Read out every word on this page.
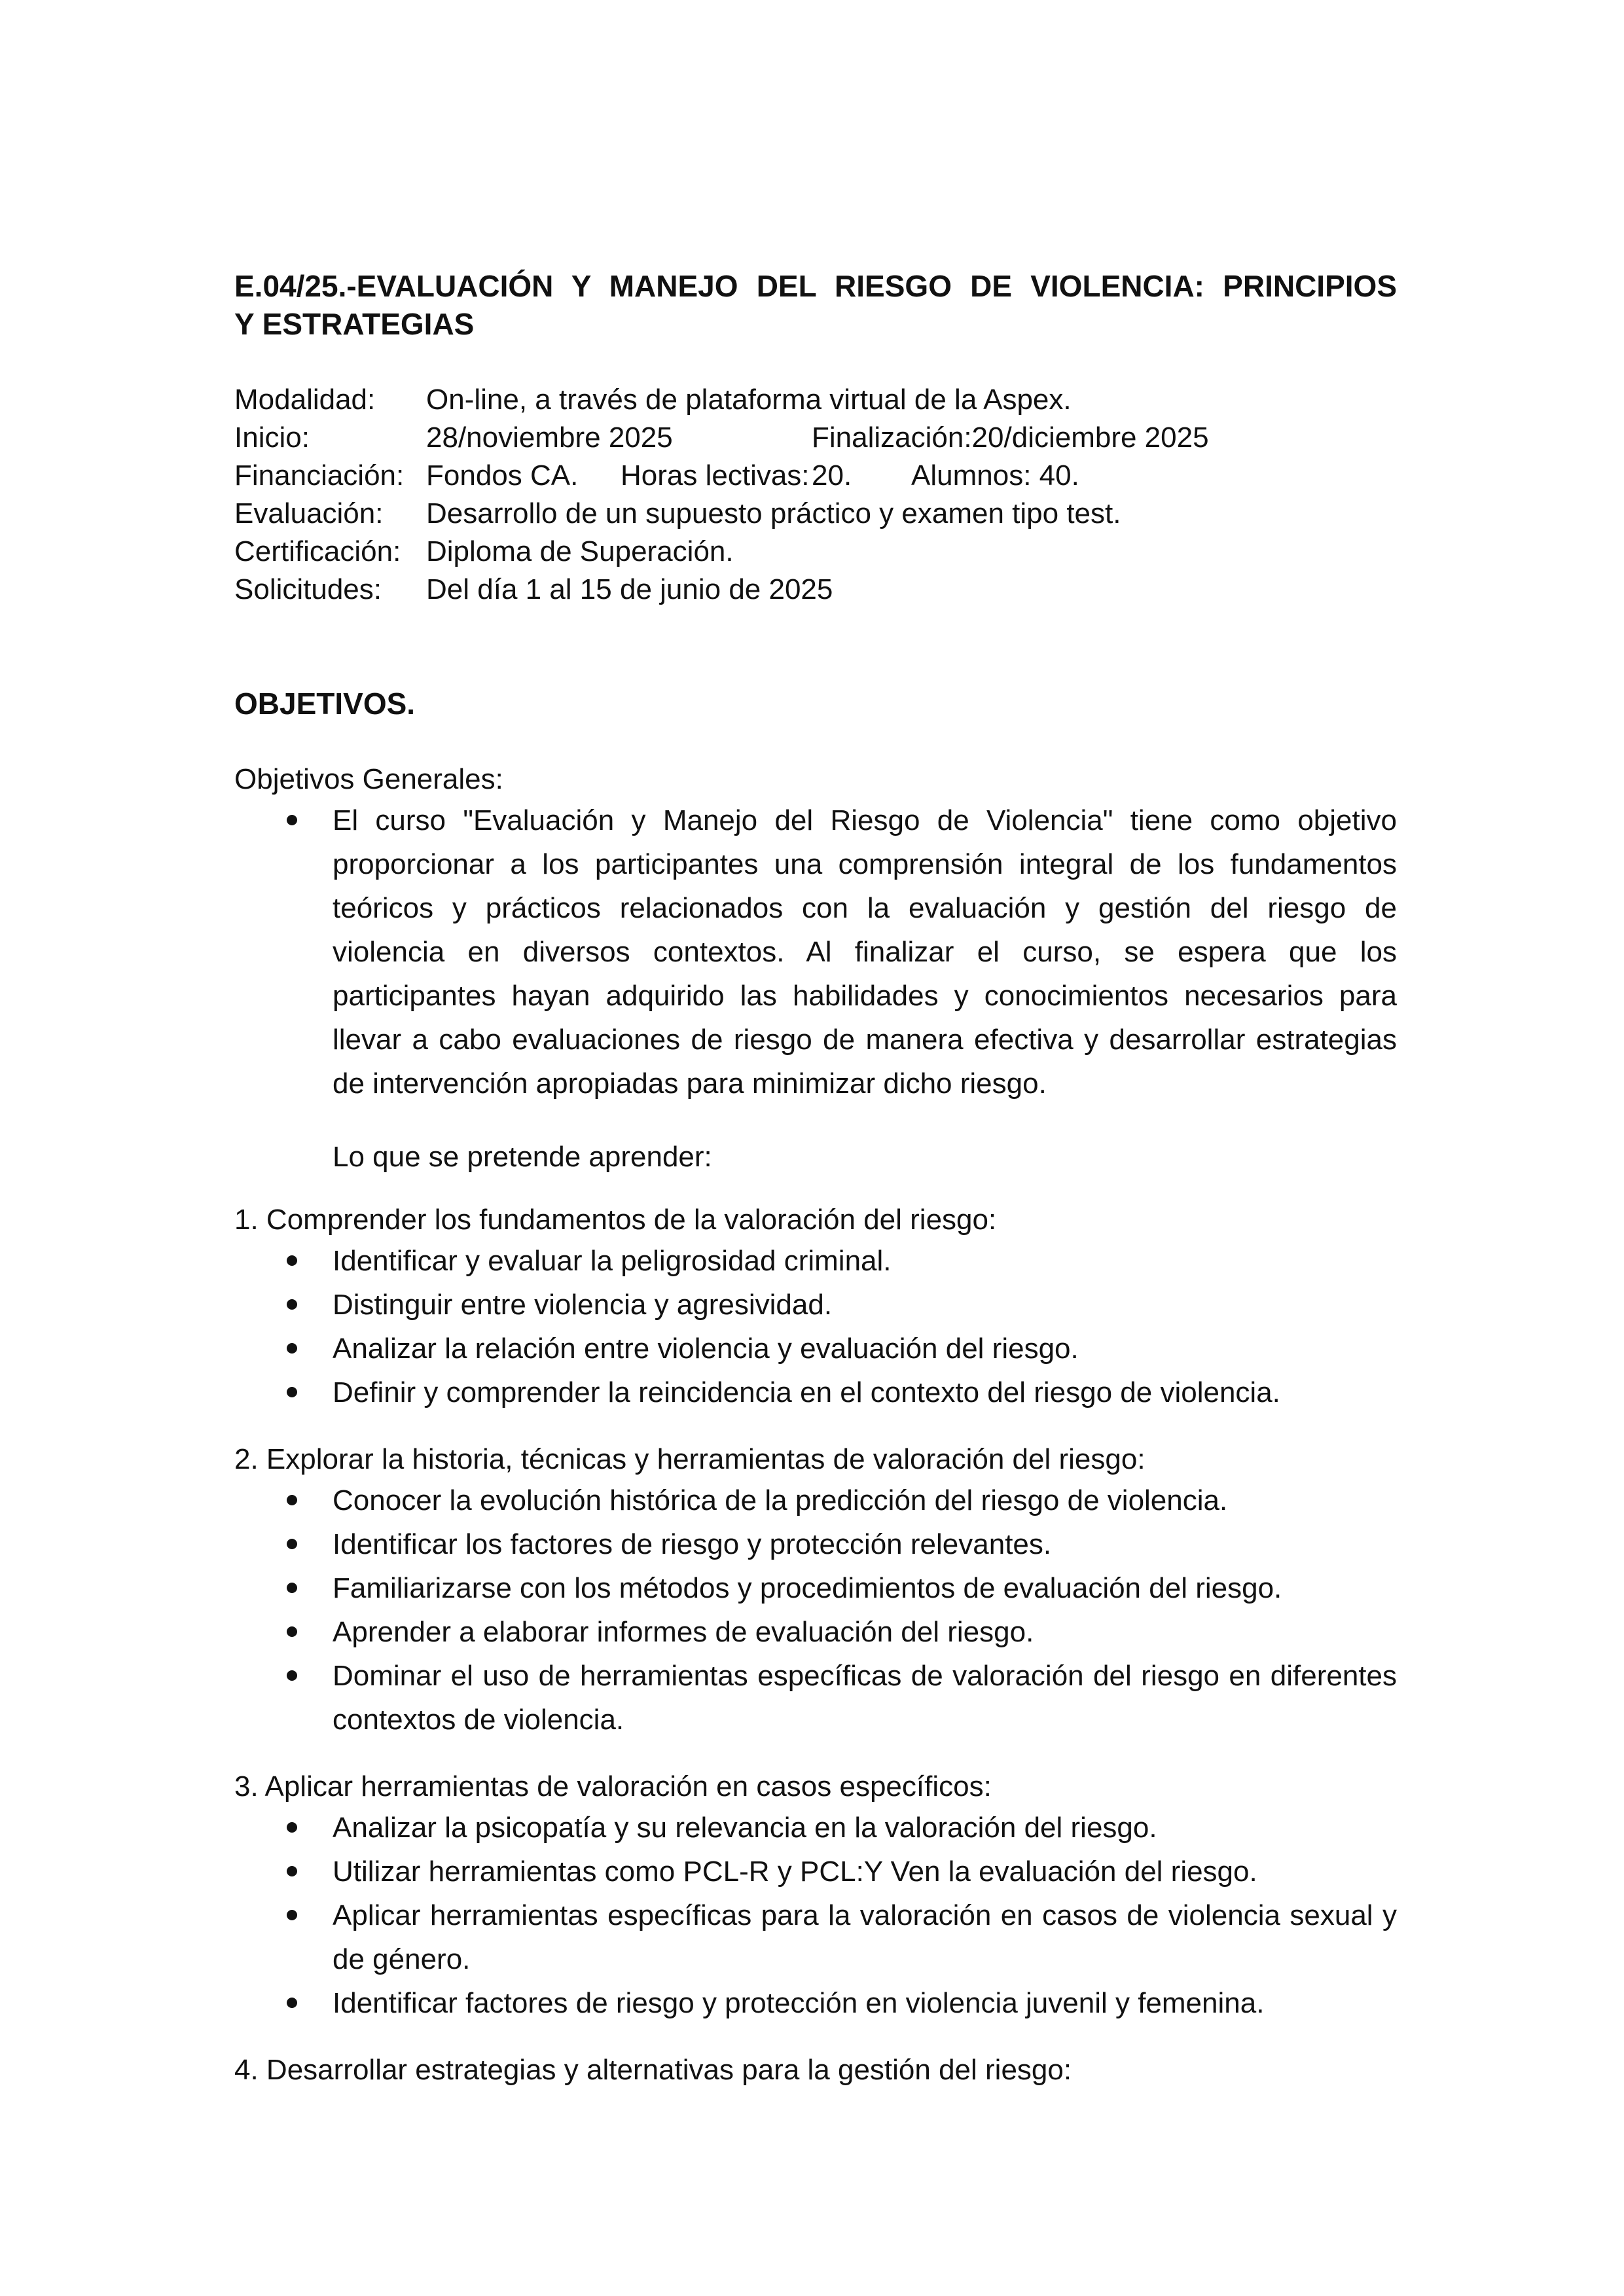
E.04/25.-EVALUACIÓN Y MANEJO DEL RIESGO DE VIOLENCIA: PRINCIPIOS
Y ESTRATEGIAS
Modalidad: On-line, a través de plataforma virtual de la Aspex.
Inicio:	28/noviembre 2025	Finalización:20/diciembre 2025
Financiación: Fondos CA. Horas lectivas: 20. Alumnos: 40.
Evaluación: Desarrollo de un supuesto práctico y examen tipo test.
Certificación: Diploma de Superación.
Solicitudes: Del día 1 al 15 de junio de 2025
OBJETIVOS.
Objetivos Generales:
El curso "Evaluación y Manejo del Riesgo de Violencia" tiene como objetivo proporcionar a los participantes una comprensión integral de los fundamentos teóricos y prácticos relacionados con la evaluación y gestión del riesgo de violencia en diversos contextos. Al finalizar el curso, se espera que los participantes hayan adquirido las habilidades y conocimientos necesarios para llevar a cabo evaluaciones de riesgo de manera efectiva y desarrollar estrategias de intervención apropiadas para minimizar dicho riesgo.
Lo que se pretende aprender:
1. Comprender los fundamentos de la valoración del riesgo:
Identificar y evaluar la peligrosidad criminal.
Distinguir entre violencia y agresividad.
Analizar la relación entre violencia y evaluación del riesgo.
Definir y comprender la reincidencia en el contexto del riesgo de violencia.
2. Explorar la historia, técnicas y herramientas de valoración del riesgo:
Conocer la evolución histórica de la predicción del riesgo de violencia.
Identificar los factores de riesgo y protección relevantes.
Familiarizarse con los métodos y procedimientos de evaluación del riesgo.
Aprender a elaborar informes de evaluación del riesgo.
Dominar el uso de herramientas específicas de valoración del riesgo en diferentes contextos de violencia.
3. Aplicar herramientas de valoración en casos específicos:
Analizar la psicopatía y su relevancia en la valoración del riesgo.
Utilizar herramientas como PCL-R y PCL:Y Ven la evaluación del riesgo.
Aplicar herramientas específicas para la valoración en casos de violencia sexual y de género.
Identificar factores de riesgo y protección en violencia juvenil y femenina.
4. Desarrollar estrategias y alternativas para la gestión del riesgo:
